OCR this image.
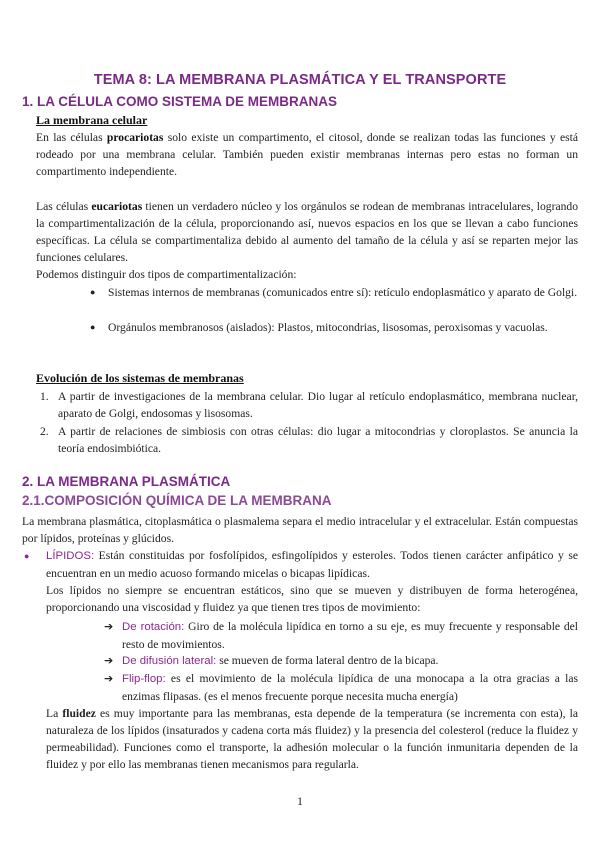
TEMA 8: LA MEMBRANA PLASMÁTICA Y EL TRANSPORTE
1. LA CÉLULA COMO SISTEMA DE MEMBRANAS
La membrana celular
En las células procariotas solo existe un compartimento, el citosol, donde se realizan todas las funciones y está rodeado por una membrana celular. También pueden existir membranas internas pero estas no forman un compartimento independiente.
Las células eucariotas tienen un verdadero núcleo y los orgánulos se rodean de membranas intracelulares, logrando la compartimentalización de la célula, proporcionando así, nuevos espacios en los que se llevan a cabo funciones específicas. La célula se compartimentaliza debido al aumento del tamaño de la célula y así se reparten mejor las funciones celulares.
Podemos distinguir dos tipos de compartimentalización:
● Sistemas internos de membranas (comunicados entre sí): retículo endoplasmático y aparato de Golgi.
● Orgánulos membranosos (aislados): Plastos, mitocondrias, lisosomas, peroxisomas y vacuolas.
Evolución de los sistemas de membranas
1. A partir de investigaciones de la membrana celular. Dio lugar al retículo endoplasmático, membrana nuclear, aparato de Golgi, endosomas y lisosomas.
2. A partir de relaciones de simbiosis con otras células: dio lugar a mitocondrias y cloroplastos. Se anuncia la teoría endosimbiótica.
2. LA MEMBRANA PLASMÁTICA
2.1.COMPOSICIÓN QUÍMICA DE LA MEMBRANA
La membrana plasmática, citoplasmática o plasmalema separa el medio intracelular y el extracelular. Están compuestas por lípidos, proteínas y glúcidos.
● LÍPIDOS: Están constituidas por fosfolípidos, esfingolípidos y esteroles. Todos tienen carácter anfipático y se encuentran en un medio acuoso formando micelas o bicapas lipídicas.
Los lípidos no siempre se encuentran estáticos, sino que se mueven y distribuyen de forma heterogénea, proporcionando una viscosidad y fluidez ya que tienen tres tipos de movimiento:
➔ De rotación: Giro de la molécula lipídica en torno a su eje, es muy frecuente y responsable del resto de movimientos.
➔ De difusión lateral: se mueven de forma lateral dentro de la bicapa.
➔ Flip-flop: es el movimiento de la molécula lipídica de una monocapa a la otra gracias a las enzimas flipasas. (es el menos frecuente porque necesita mucha energía)
La fluidez es muy importante para las membranas, esta depende de la temperatura (se incrementa con esta), la naturaleza de los lípidos (insaturados y cadena corta más fluidez) y la presencia del colesterol (reduce la fluidez y permeabilidad). Funciones como el transporte, la adhesión molecular o la función inmunitaria dependen de la fluidez y por ello las membranas tienen mecanismos para regularla.
1
